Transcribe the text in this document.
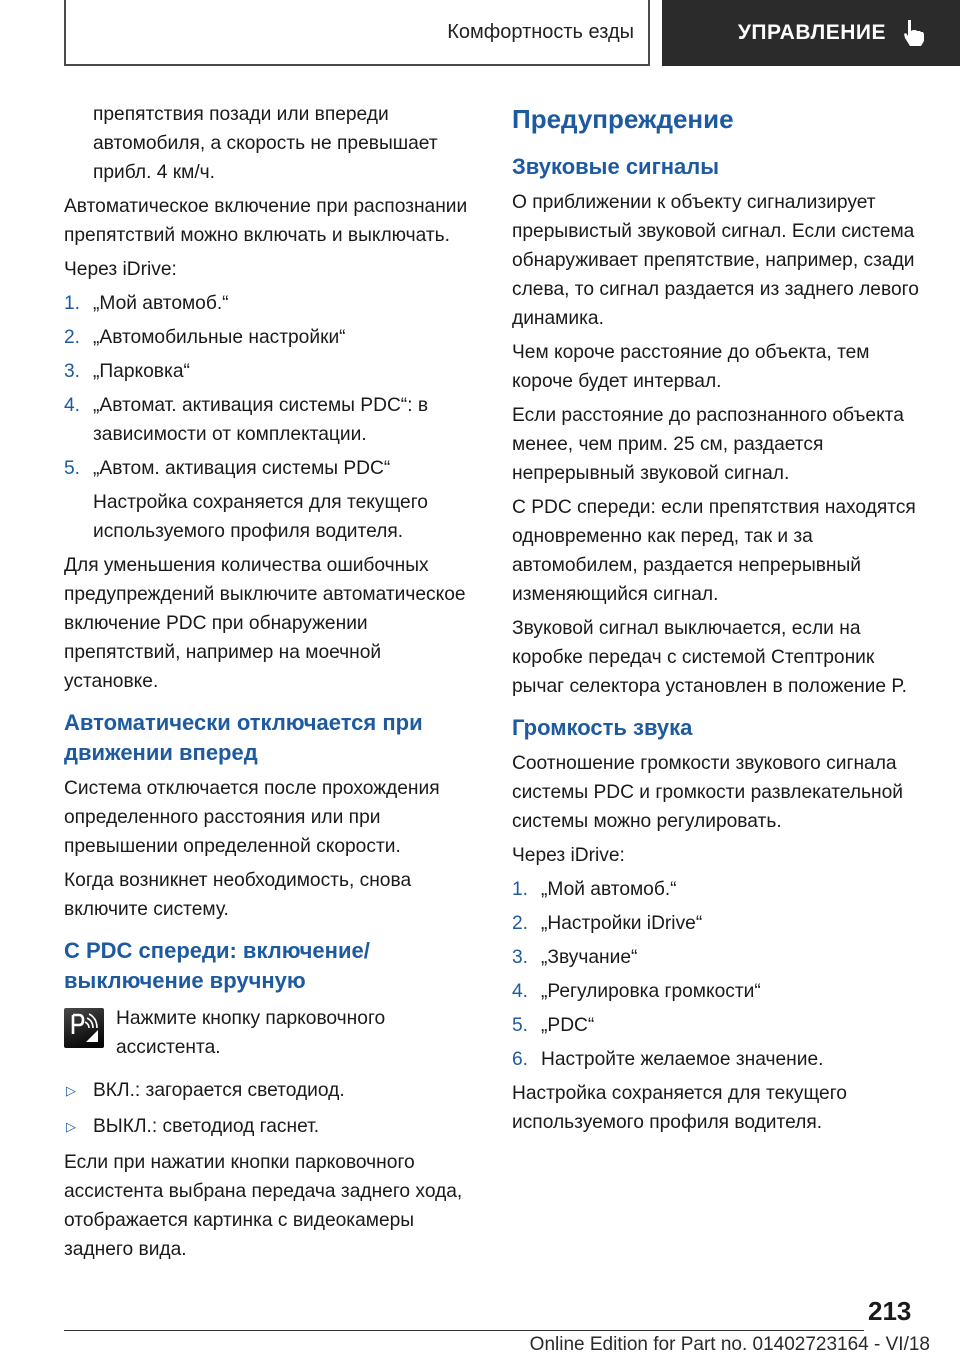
Комфортность езды	УПРАВЛЕНИЕ

препятствия позади или впереди автомобиля, а скорость не превышает прибл. 4 км/ч.

Автоматическое включение при распознании препятствий можно включать и выключать.

Через iDrive:

1. „Мой автомоб.“
2. „Автомобильные настройки“
3. „Парковка“
4. „Автомат. активация системы PDC“: в зависимости от комплектации.
5. „Автом. активация системы PDC“

Настройка сохраняется для текущего используемого профиля водителя.

Для уменьшения количества ошибочных предупреждений выключите автоматическое включение PDC при обнаружении препятствий, например на моечной установке.

Автоматически отключается при движении вперед

Система отключается после прохождения определенного расстояния или при превышении определенной скорости.

Когда возникнет необходимость, снова включите систему.

С PDC спереди: включение/выключение вручную
Нажмите кнопку парковочного ассистента.
▷ ВКЛ.: загорается светодиод.
▷ ВЫКЛ.: светодиод гаснет.

Если при нажатии кнопки парковочного ассистента выбрана передача заднего хода, отображается картинка с видеокамеры заднего вида.

Предупреждение
Звуковые сигналы

О приближении к объекту сигнализирует прерывистый звуковой сигнал. Если система обнаруживает препятствие, например, сзади слева, то сигнал раздается из заднего левого динамика.

Чем короче расстояние до объекта, тем короче будет интервал.

Если расстояние до распознанного объекта менее, чем прим. 25 см, раздается непрерывный звуковой сигнал.

С PDC спереди: если препятствия находятся одновременно как перед, так и за автомобилем, раздается непрерывный изменяющийся сигнал.

Звуковой сигнал выключается, если на коробке передач с системой Стептроник рычаг селектора установлен в положение P.

Громкость звука

Соотношение громкости звукового сигнала системы PDC и громкости развлекательной системы можно регулировать.

Через iDrive:

1. „Мой автомоб.“
2. „Настройки iDrive“
3. „Звучание“
4. „Регулировка громкости“
5. „PDC“
6. Настройте желаемое значение.

Настройка сохраняется для текущего используемого профиля водителя.

213
Online Edition for Part no. 01402723164 - VI/18
